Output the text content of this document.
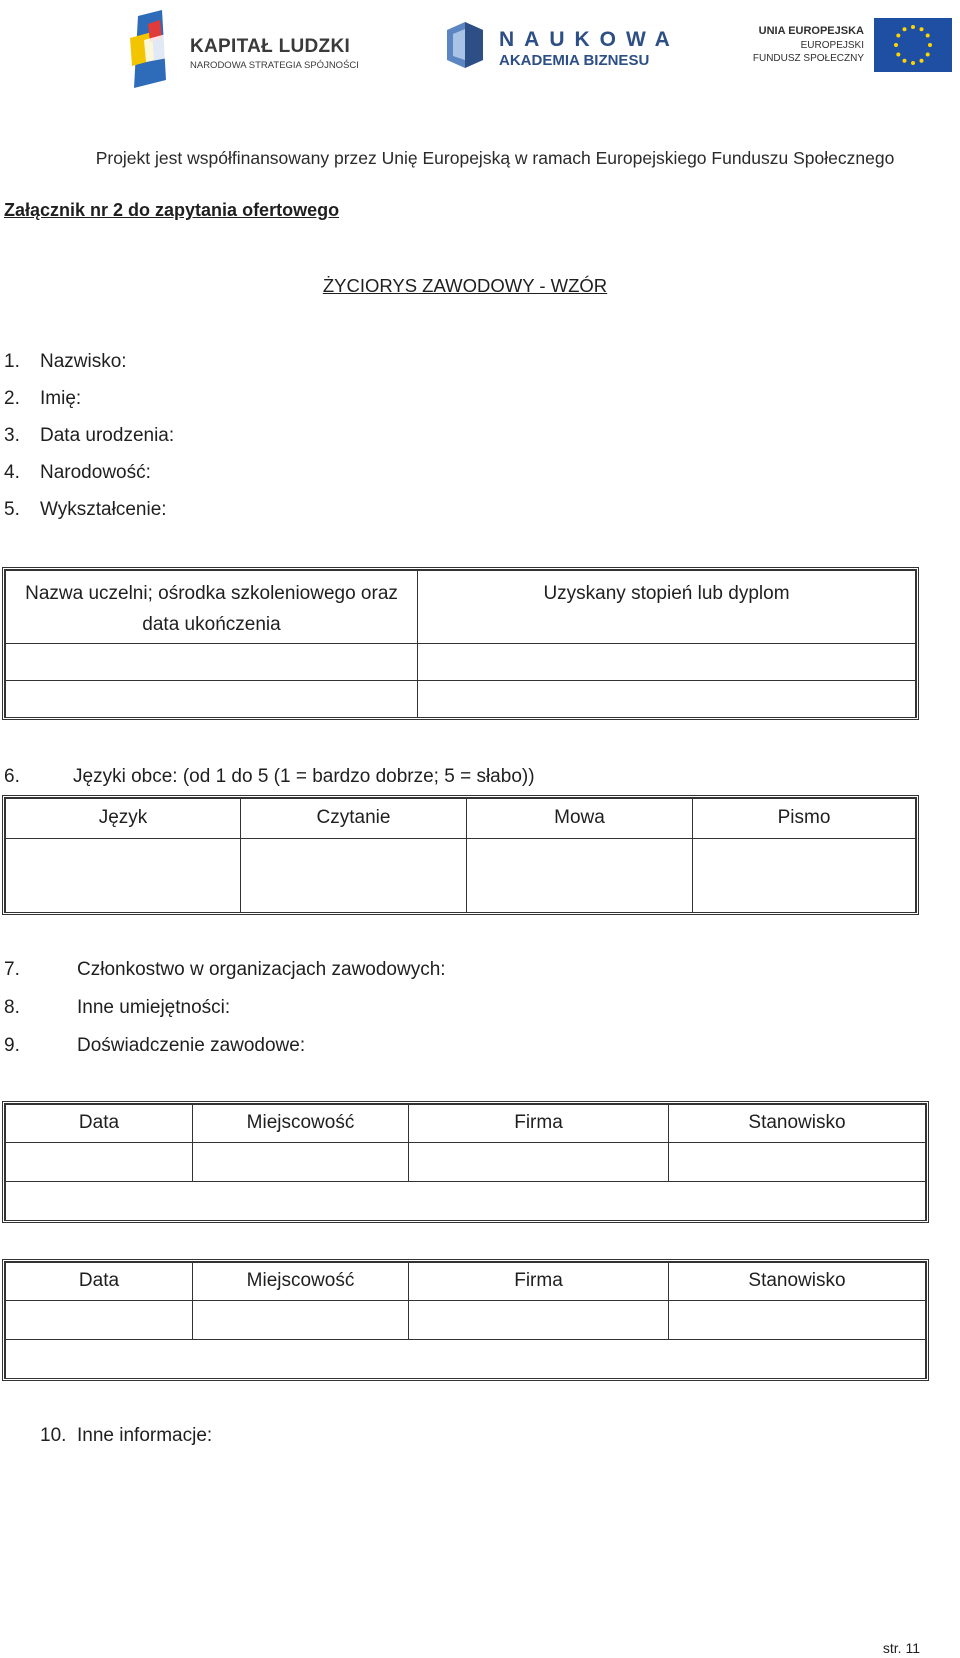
KAPITAŁ LUDZKI
NARODOWA STRATEGIA SPÓJNOŚCI
NAUKOWA
AKADEMIA BIZNESU
UNIA EUROPEJSKA
EUROPEJSKI
FUNDUSZ SPOŁECZNY
Projekt jest współfinansowany przez Unię Europejską w ramach Europejskiego Funduszu Społecznego
Załącznik nr 2 do zapytania ofertowego
ŻYCIORYS ZAWODOWY - WZÓR
1. Nazwisko:
2. Imię:
3. Data urodzenia:
4. Narodowość:
5. Wykształcenie:
Nazwa uczelni; ośrodka szkoleniowego oraz
data ukończenia	Uzyskany stopień lub dyplom

6.	Języki obce: (od 1 do 5 (1 = bardzo dobrze; 5 = słabo))
Język	Czytanie	Mowa	Pismo

7.	Członkostwo w organizacjach zawodowych:
8.	Inne umiejętności:
9.	Doświadczenie zawodowe:
Data	Miejscowość	Firma	Stanowisko

Data	Miejscowość	Firma	Stanowisko

10. Inne informacje:
str. 11
